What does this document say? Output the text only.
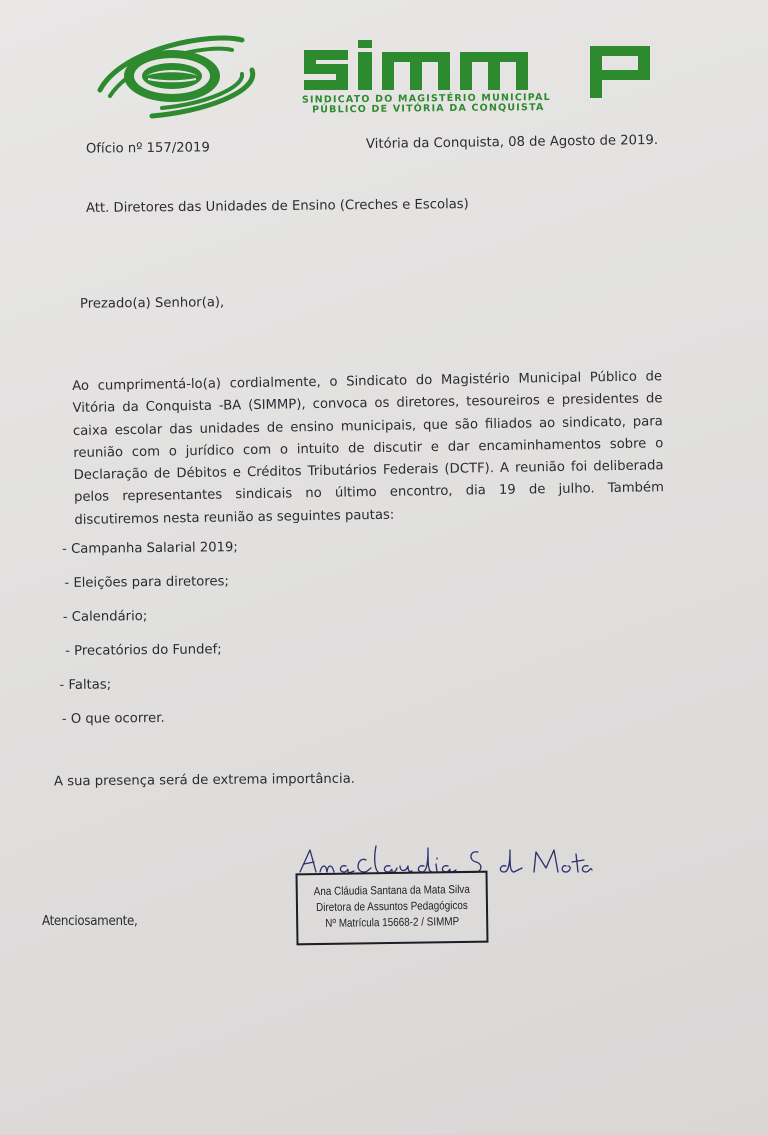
SINDICATO DO MAGISTÉRIO MUNICIPAL
PÚBLICO DE VITÓRIA DA CONQUISTA
Ofício nº 157/2019	Vitória da Conquista, 08 de Agosto de 2019.
Att. Diretores das Unidades de Ensino (Creches e Escolas)
Prezado(a) Senhor(a),
Ao cumprimentá-lo(a) cordialmente, o Sindicato do Magistério Municipal Público de
Vitória da Conquista -BA (SIMMP), convoca os diretores, tesoureiros e presidentes de
caixa escolar das unidades de ensino municipais, que são filiados ao sindicato, para
reunião com o jurídico com o intuito de discutir e dar encaminhamentos sobre o
Declaração de Débitos e Créditos Tributários Federais (DCTF). A reunião foi deliberada
pelos representantes sindicais no último encontro, dia 19 de julho. Também
discutiremos nesta reunião as seguintes pautas:
- Campanha Salarial 2019;
- Eleições para diretores;
- Calendário;
- Precatórios do Fundef;
- Faltas;
- O que ocorrer.
A sua presença será de extrema importância.
Atenciosamente,
Ana Cláudia Santana da Mata Silva
Diretora de Assuntos Pedagógicos
Nº Matrícula 15668-2 / SIMMP
